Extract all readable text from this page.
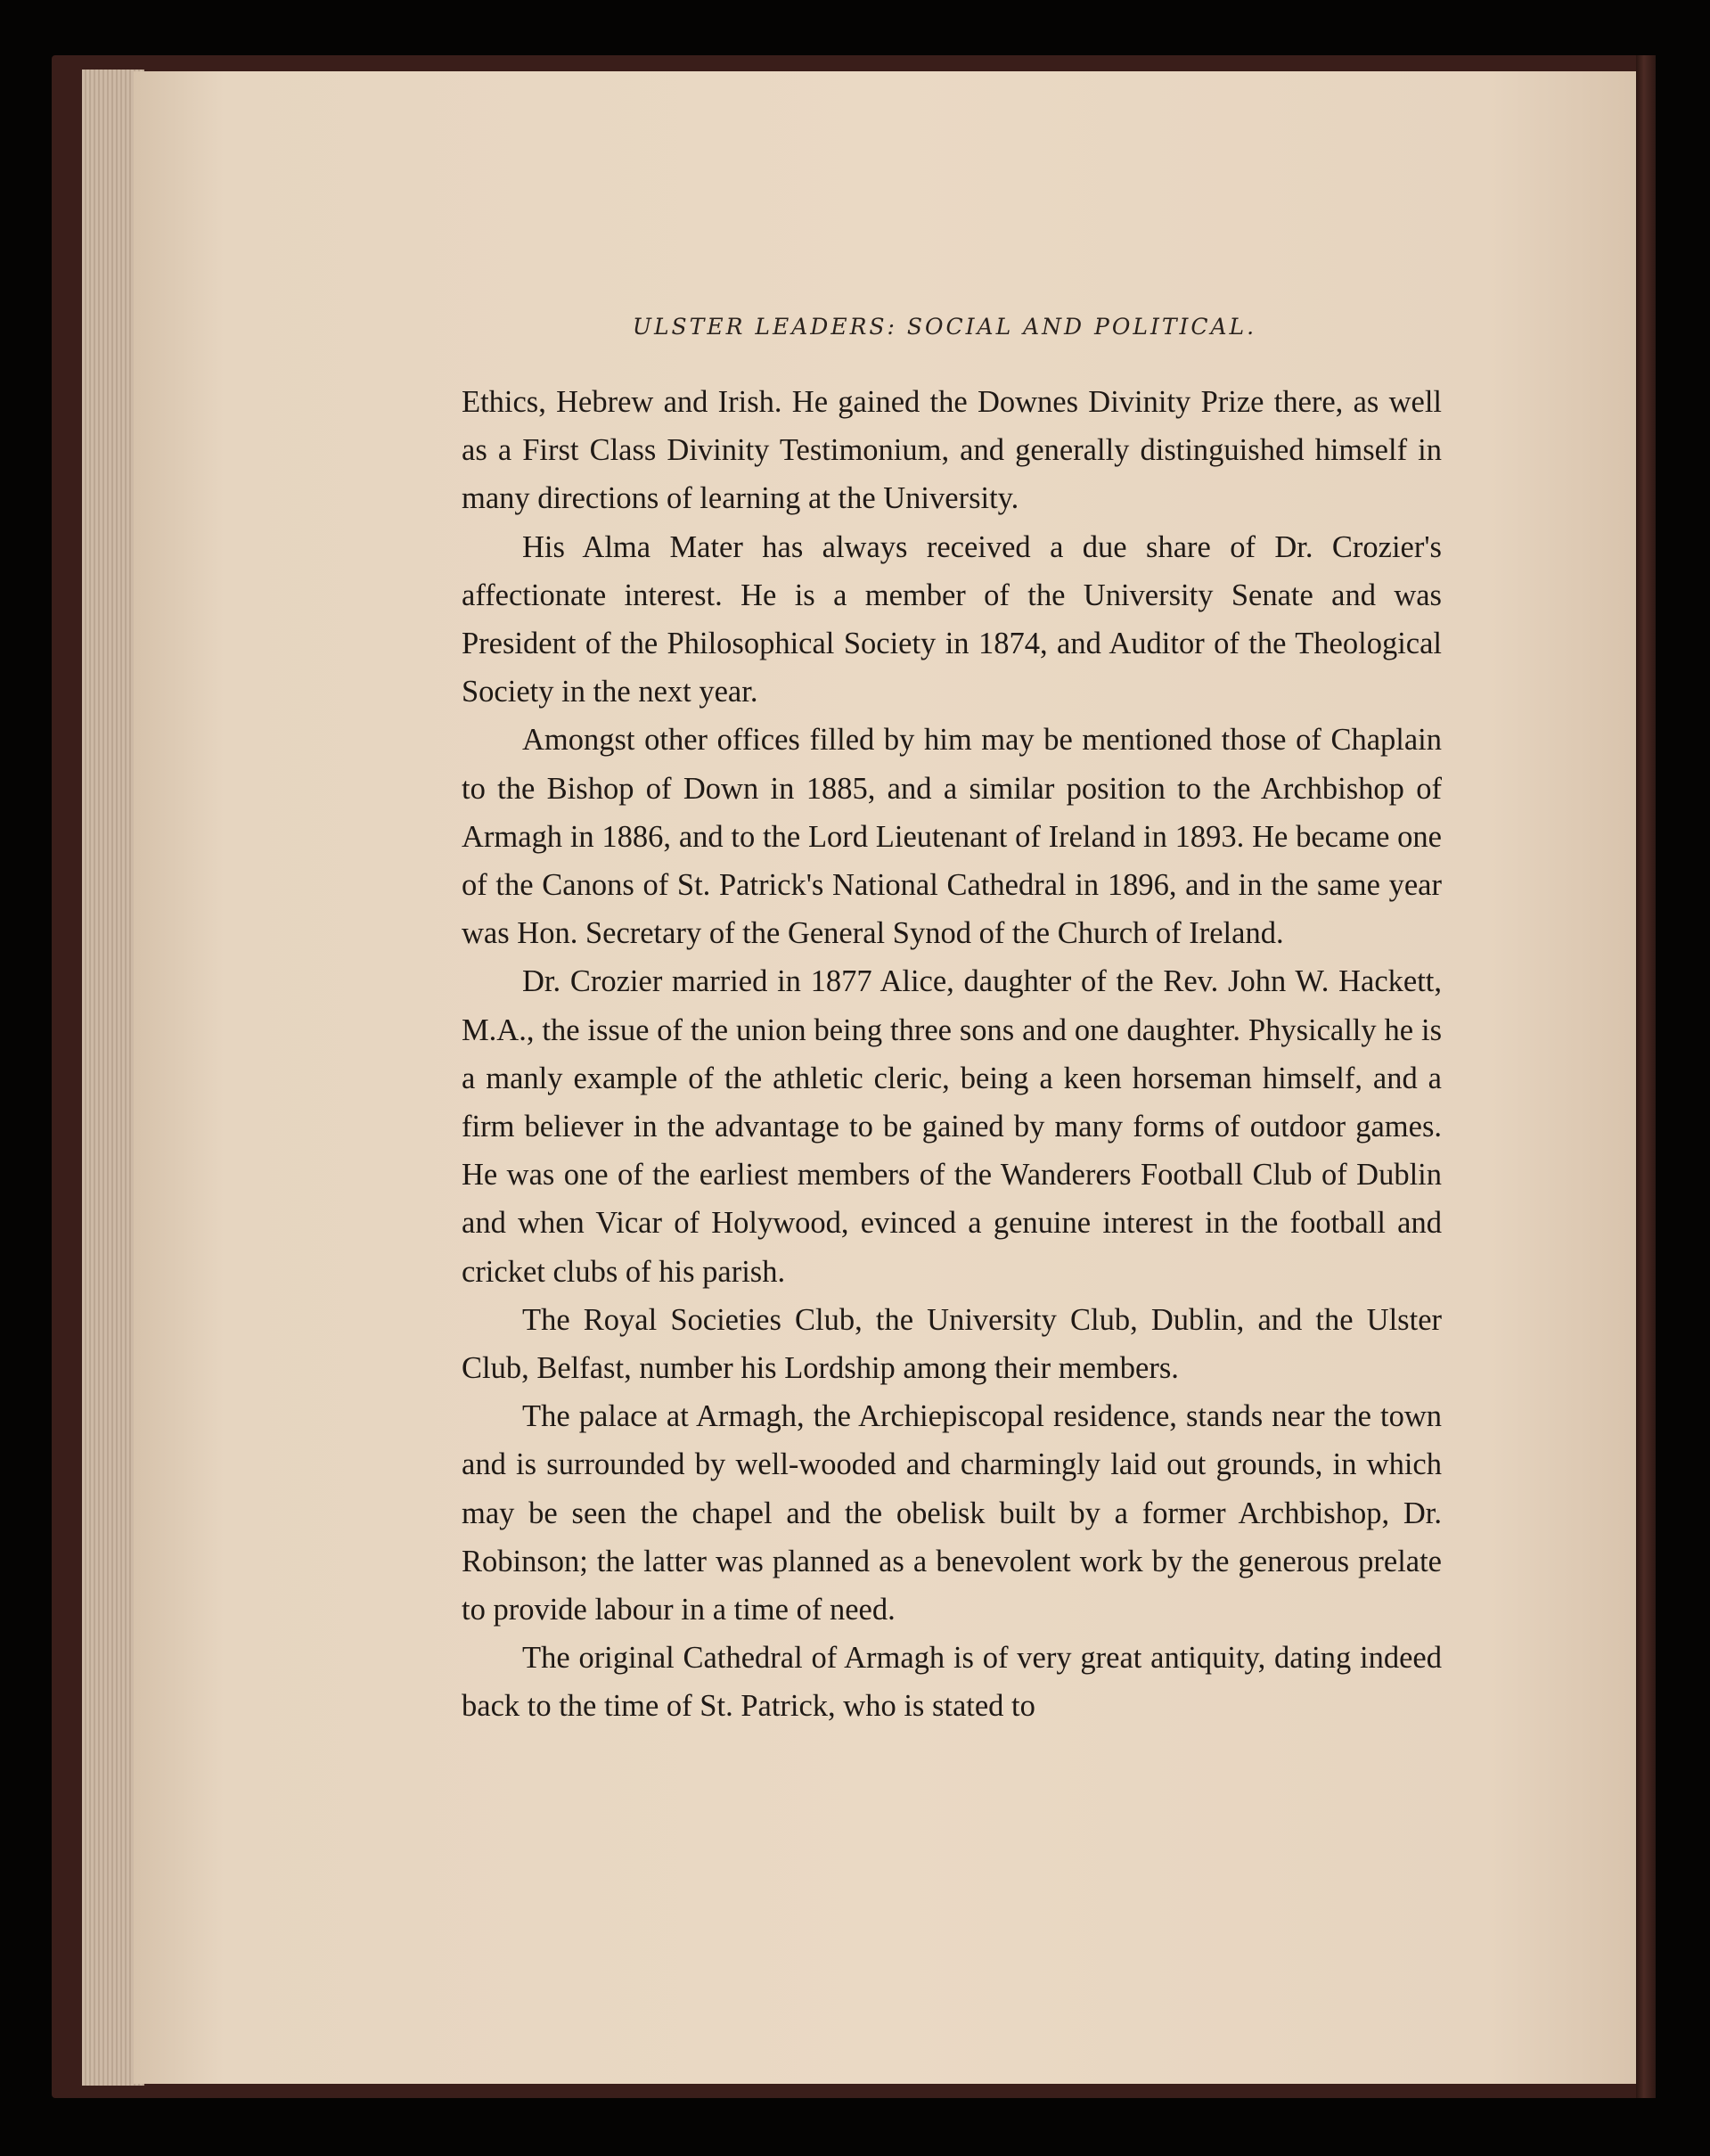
ULSTER LEADERS: SOCIAL AND POLITICAL.

Ethics, Hebrew and Irish. He gained the Downes Divinity Prize there, as well as a First Class Divinity Testimonium, and generally distinguished himself in many directions of learning at the University.

His Alma Mater has always received a due share of Dr. Crozier's affectionate interest. He is a member of the University Senate and was President of the Philosophical Society in 1874, and Auditor of the Theological Society in the next year.

Amongst other offices filled by him may be mentioned those of Chaplain to the Bishop of Down in 1885, and a similar position to the Archbishop of Armagh in 1886, and to the Lord Lieutenant of Ireland in 1893. He became one of the Canons of St. Patrick's National Cathedral in 1896, and in the same year was Hon. Secretary of the General Synod of the Church of Ireland.

Dr. Crozier married in 1877 Alice, daughter of the Rev. John W. Hackett, M.A., the issue of the union being three sons and one daughter. Physically he is a manly example of the athletic cleric, being a keen horseman himself, and a firm believer in the advantage to be gained by many forms of outdoor games. He was one of the earliest members of the Wanderers Football Club of Dublin and when Vicar of Holywood, evinced a genuine interest in the football and cricket clubs of his parish.

The Royal Societies Club, the University Club, Dublin, and the Ulster Club, Belfast, number his Lordship among their members.

The palace at Armagh, the Archiepiscopal residence, stands near the town and is surrounded by well-wooded and charmingly laid out grounds, in which may be seen the chapel and the obelisk built by a former Archbishop, Dr. Robinson; the latter was planned as a benevolent work by the generous prelate to provide labour in a time of need.

The original Cathedral of Armagh is of very great antiquity, dating indeed back to the time of St. Patrick, who is stated to
